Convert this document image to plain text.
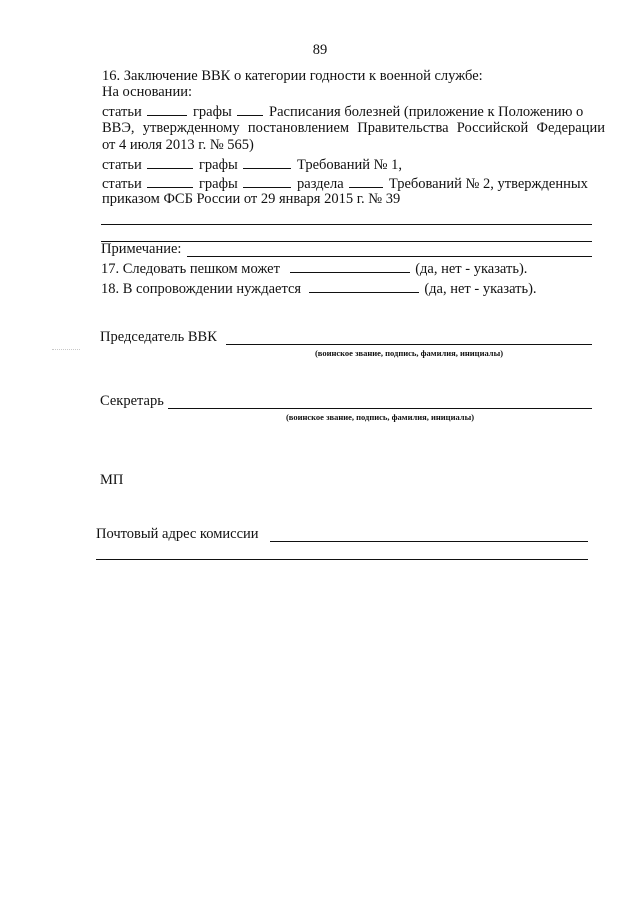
89
16. Заключение ВВК о категории годности к военной службе:
На основании:
статьи	графы	Расписания болезней (приложение к Положению о
ВВЭ, утвержденному постановлением Правительства Российской Федерации
от 4 июля 2013 г. № 565)
статьи	графы	Требований № 1,
статьи	графы	раздела	Требований № 2, утвержденных
приказом ФСБ России от 29 января 2015 г. № 39
Примечание:
17. Следовать пешком может	(да, нет - указать).
18. В сопровождении нуждается	(да, нет - указать).
Председатель ВВК
(воинское звание, подпись, фамилия, инициалы)
Секретарь
(воинское звание, подпись, фамилия, инициалы)
МП
Почтовый адрес комиссии
